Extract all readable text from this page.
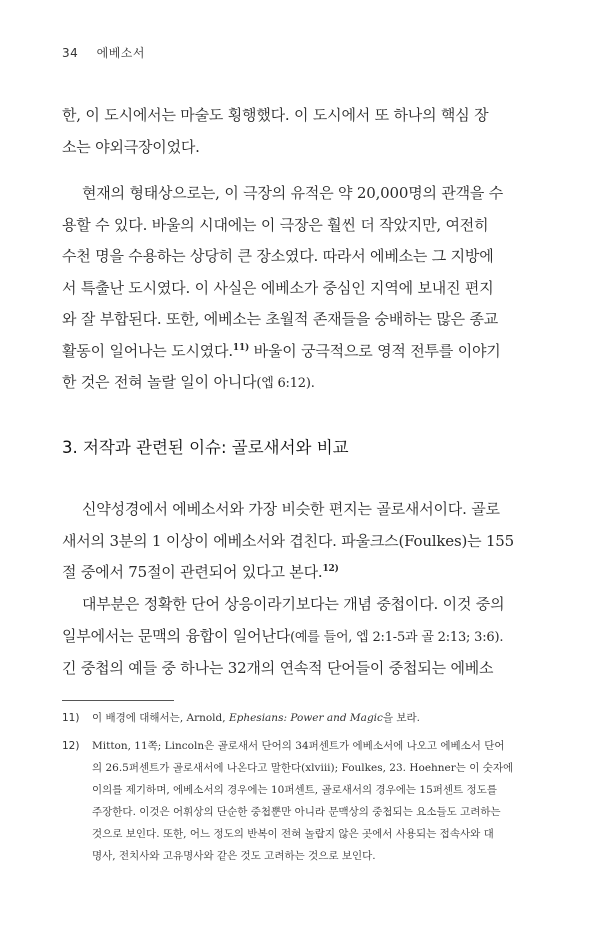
34 에베소서
한, 이 도시에서는 마술도 횡행했다. 이 도시에서 또 하나의 핵심 장
소는 야외극장이었다.
현재의 형태상으로는, 이 극장의 유적은 약 20,000명의 관객을 수
용할 수 있다. 바울의 시대에는 이 극장은 훨씬 더 작았지만, 여전히
수천 명을 수용하는 상당히 큰 장소였다. 따라서 에베소는 그 지방에
서 특출난 도시였다. 이 사실은 에베소가 중심인 지역에 보내진 편지
와 잘 부합된다. 또한, 에베소는 초월적 존재들을 숭배하는 많은 종교
활동이 일어나는 도시였다.$^{11)}$ 바울이 궁극적으로 영적 전투를 이야기
한 것은 전혀 놀랄 일이 아니다(엡 6:12).
3. 저작과 관련된 이슈: 골로새서와 비교
신약성경에서 에베소서와 가장 비슷한 편지는 골로새서이다. 골로
새서의 3분의 1 이상이 에베소서와 겹친다. 파울크스(Foulkes)는 155
절 중에서 75절이 관련되어 있다고 본다.$^{12)}$
대부분은 정확한 단어 상응이라기보다는 개념 중첩이다. 이것 중의
일부에서는 문맥의 융합이 일어난다(예를 들어, 엡 2:1-5과 골 2:13; 3:6).
긴 중첩의 예들 중 하나는 32개의 연속적 단어들이 중첩되는 에베소
11) 이 배경에 대해서는, Arnold, Ephesians: Power and Magic을 보라.
12) Mitton, 11쪽; Lincoln은 골로새서 단어의 34퍼센트가 에베소서에 나오고 에베소서 단어
의 26.5퍼센트가 골로새서에 나온다고 말한다(xlviii); Foulkes, 23. Hoehner는 이 숫자에
이의를 제기하며, 에베소서의 경우에는 10퍼센트, 골로새서의 경우에는 15퍼센트 정도를
주장한다. 이것은 어휘상의 단순한 중첩뿐만 아니라 문맥상의 중첩되는 요소들도 고려하는
것으로 보인다. 또한, 어느 정도의 반복이 전혀 놀랍지 않은 곳에서 사용되는 접속사와 대
명사, 전치사와 고유명사와 같은 것도 고려하는 것으로 보인다.
